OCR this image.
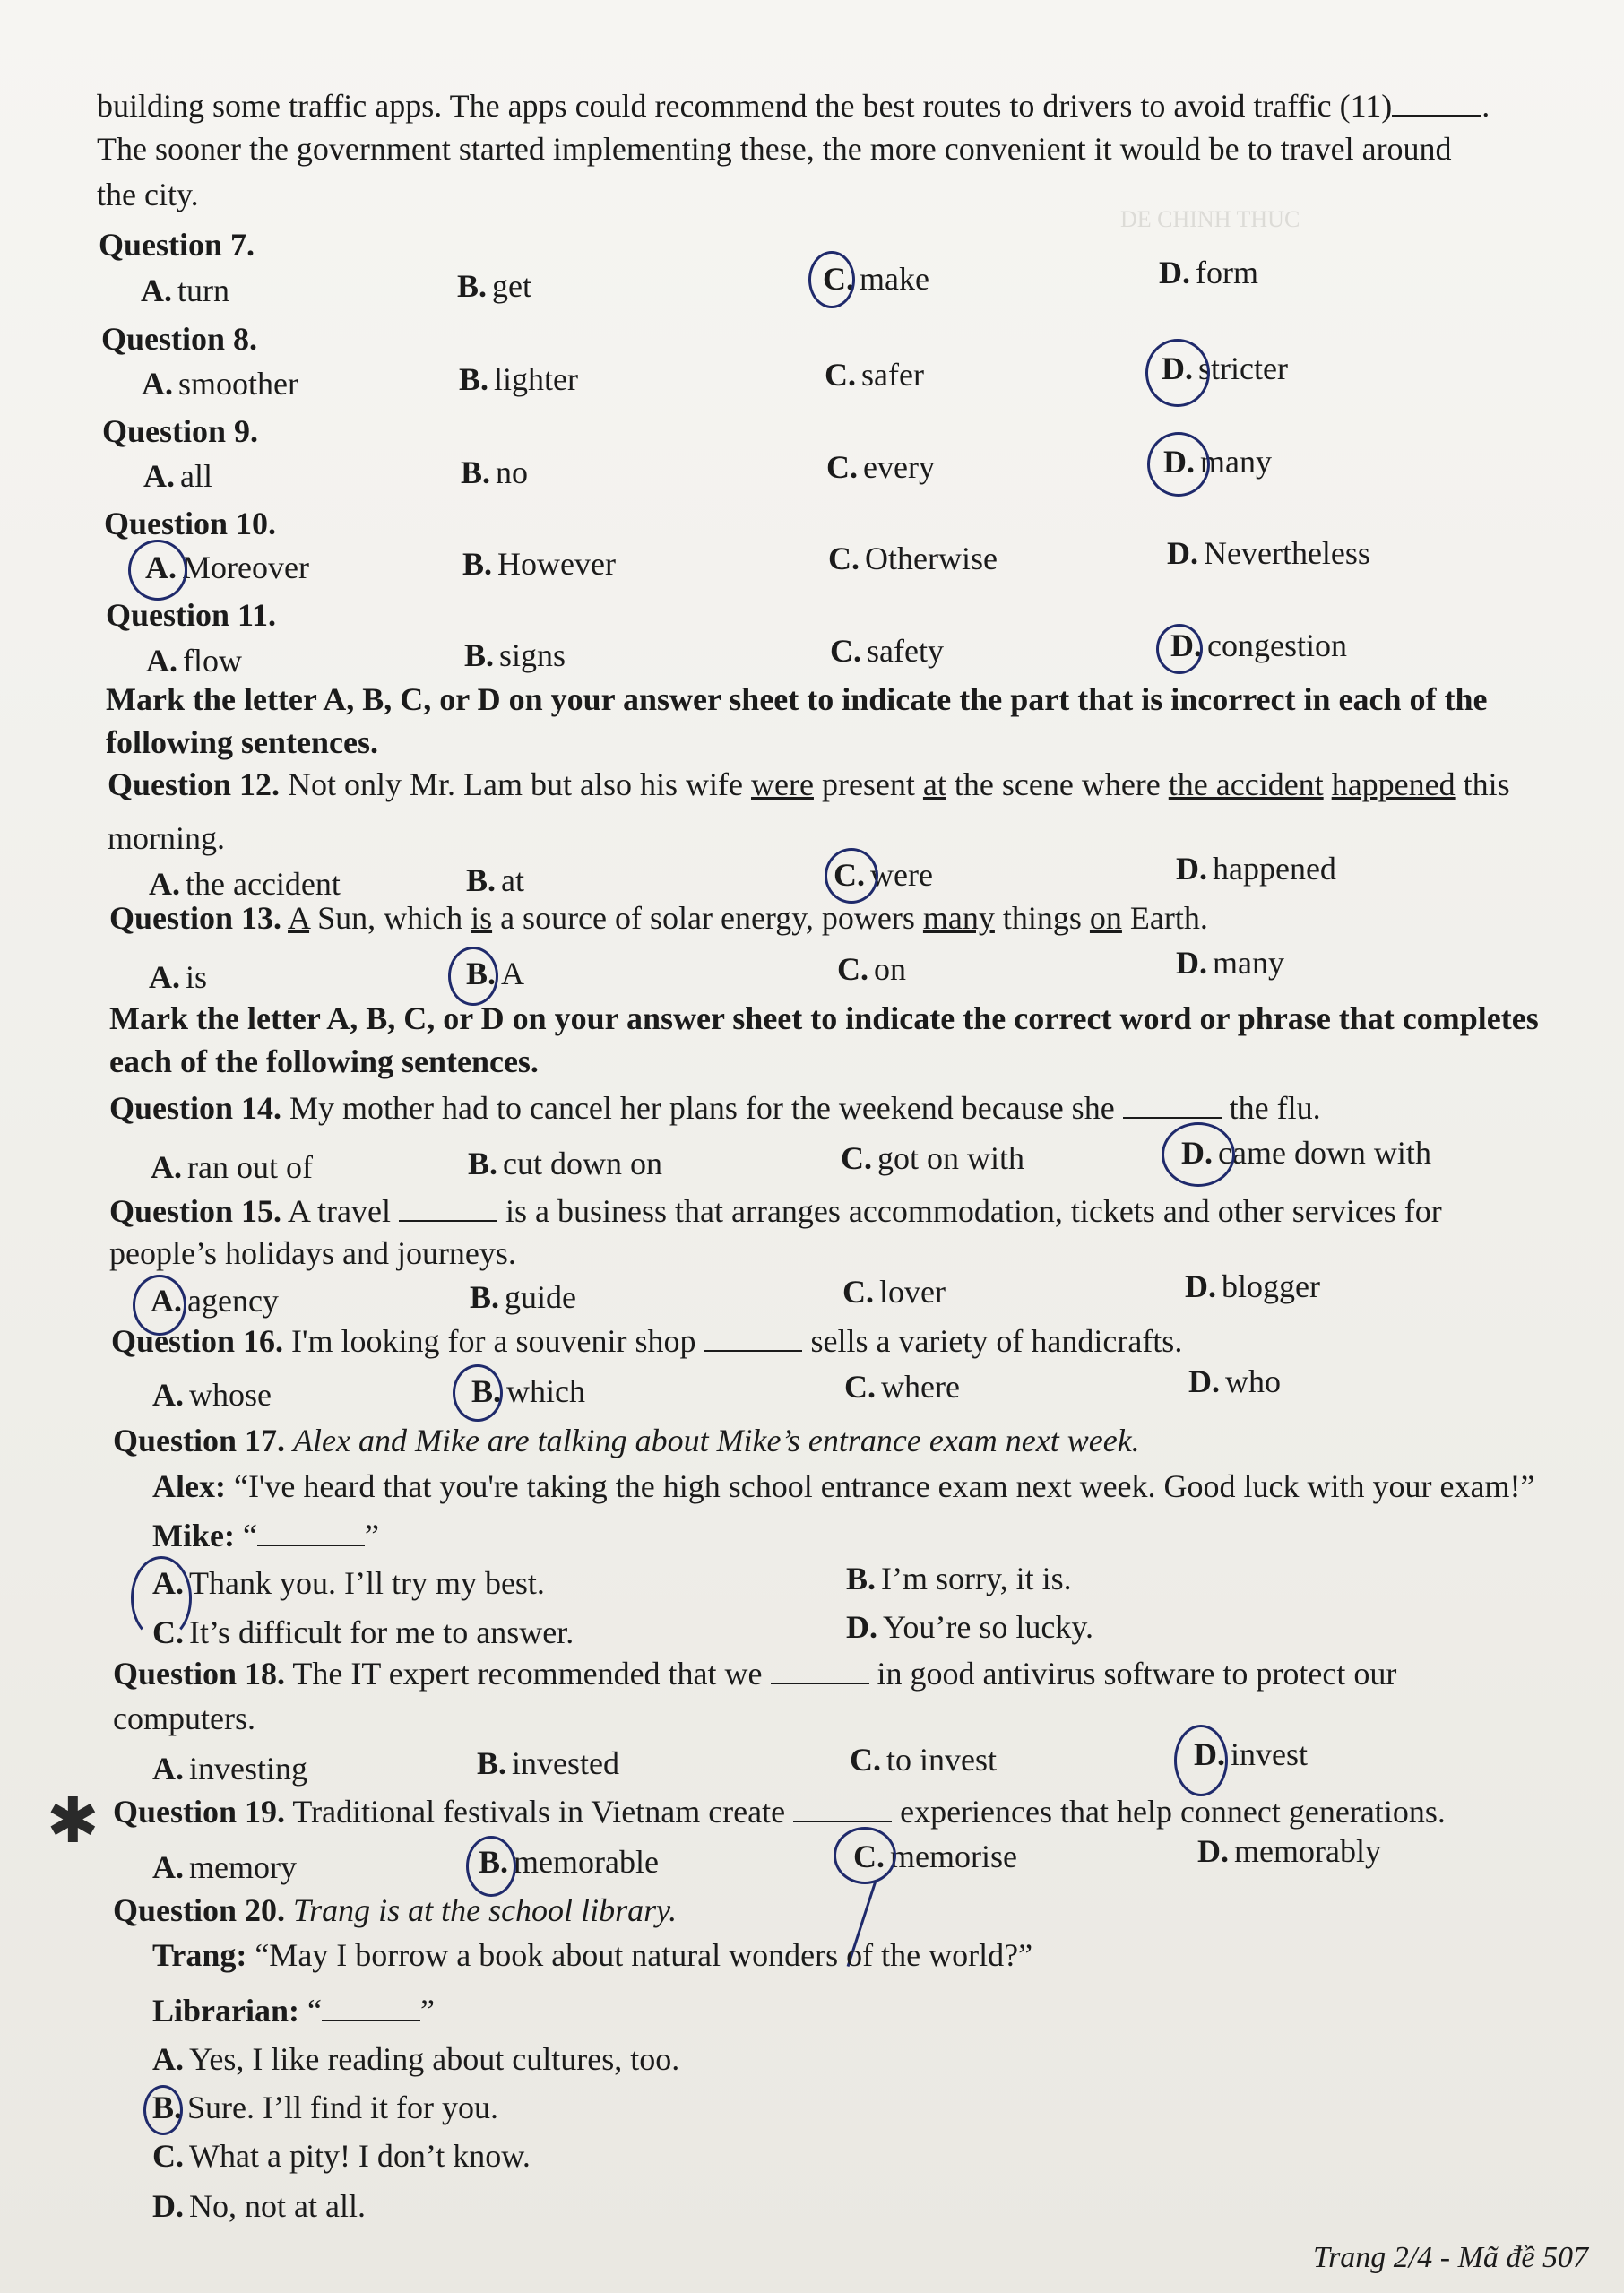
DE CHINH THUC
building some traffic apps. The apps could recommend the best routes to drivers to avoid traffic (11)	.
The sooner the government started implementing these, the more convenient it would be to travel around
the city.
Question 7.
A. turn	B. get	C. make	D. form
Question 8.
A. smoother	B. lighter	C. safer	D. stricter
Question 9.
A. all	B. no	C. every	D. many
Question 10.
A. Moreover	B. However	C. Otherwise	D. Nevertheless
Question 11.
A. flow	B. signs	C. safety	D. congestion
Mark the letter A, B, C, or D on your answer sheet to indicate the part that is incorrect in each of the following sentences.
Question 12. Not only Mr. Lam but also his wife were present at the scene where the accident happened this
morning.
A. the accident	B. at	C. were	D. happened
Question 13. A Sun, which is a source of solar energy, powers many things on Earth.
A. is	B. A	C. on	D. many
Mark the letter A, B, C, or D on your answer sheet to indicate the correct word or phrase that completes each of the following sentences.
Question 14. My mother had to cancel her plans for the weekend because she	the flu.
A. ran out of	B. cut down on	C. got on with	D. came down with
Question 15. A travel	is a business that arranges accommodation, tickets and other services for
people’s holidays and journeys.
A. agency	B. guide	C. lover	D. blogger
Question 16. I'm looking for a souvenir shop	sells a variety of handicrafts.
A. whose	B. which	C. where	D. who
Question 17. Alex and Mike are talking about Mike’s entrance exam next week.
Alex: “I've heard that you're taking the high school entrance exam next week. Good luck with your exam!”
Mike: “	”
A. Thank you. I’ll try my best.	B. I’m sorry, it is.
C. It’s difficult for me to answer.	D. You’re so lucky.
Question 18. The IT expert recommended that we	in good antivirus software to protect our
computers.
A. investing	B. invested	C. to invest	D. invest
✱ Question 19. Traditional festivals in Vietnam create	experiences that help connect generations.
A. memory	B. memorable	C. memorise	D. memorably
Question 20. Trang is at the school library.
Trang: “May I borrow a book about natural wonders of the world?”
Librarian: “	”
A. Yes, I like reading about cultures, too.
B. Sure. I’ll find it for you.
C. What a pity! I don’t know.
D. No, not at all.
Trang 2/4 - Mã đề 507
